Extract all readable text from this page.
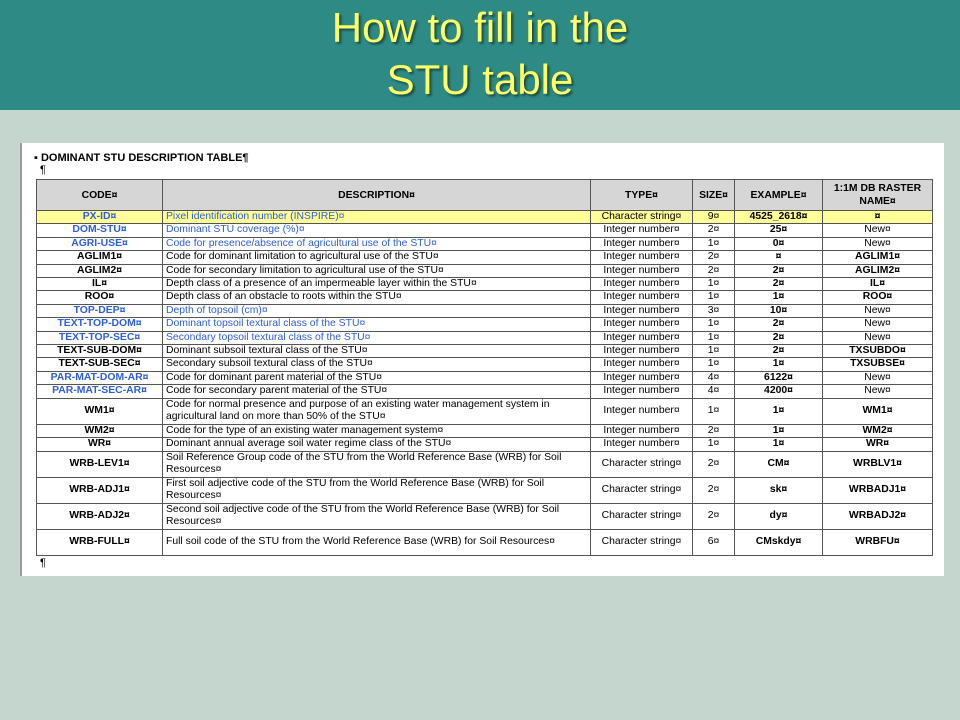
How to fill in the
STU table
▪ DOMINANT STU DESCRIPTION TABLE¶
¶
CODE¤	DESCRIPTION¤	TYPE¤	SIZE¤	EXAMPLE¤	1:1M DB RASTER NAME¤
PX-ID¤	Pixel identification number (INSPIRE)¤	Character string¤	9¤	4525_2618¤	¤
DOM-STU¤	Dominant STU coverage (%)¤	Integer number¤	2¤	25¤	New¤
AGRI-USE¤	Code for presence/absence of agricultural use of the STU¤	Integer number¤	1¤	0¤	New¤
AGLIM1¤	Code for dominant limitation to agricultural use of the STU¤	Integer number¤	2¤	¤	AGLIM1¤
AGLIM2¤	Code for secondary limitation to agricultural use of the STU¤	Integer number¤	2¤	2¤	AGLIM2¤
IL¤	Depth class of a presence of an impermeable layer within the STU¤	Integer number¤	1¤	2¤	IL¤
ROO¤	Depth class of an obstacle to roots within the STU¤	Integer number¤	1¤	1¤	ROO¤
TOP-DEP¤	Depth of topsoil (cm)¤	Integer number¤	3¤	10¤	New¤
TEXT-TOP-DOM¤	Dominant topsoil textural class of the STU¤	Integer number¤	1¤	2¤	New¤
TEXT-TOP-SEC¤	Secondary topsoil textural class of the STU¤	Integer number¤	1¤	2¤	New¤
TEXT-SUB-DOM¤	Dominant subsoil textural class of the STU¤	Integer number¤	1¤	2¤	TXSUBDO¤
TEXT-SUB-SEC¤	Secondary subsoil textural class of the STU¤	Integer number¤	1¤	1¤	TXSUBSE¤
PAR-MAT-DOM-AR¤	Code for dominant parent material of the STU¤	Integer number¤	4¤	6122¤	New¤
PAR-MAT-SEC-AR¤	Code for secondary parent material of the STU¤	Integer number¤	4¤	4200¤	New¤
WM1¤	Code for normal presence and purpose of an existing water management system in agricultural land on more than 50% of the STU¤	Integer number¤	1¤	1¤	WM1¤
WM2¤	Code for the type of an existing water management system¤	Integer number¤	2¤	1¤	WM2¤
WR¤	Dominant annual average soil water regime class of the STU¤	Integer number¤	1¤	1¤	WR¤
WRB-LEV1¤	Soil Reference Group code of the STU from the World Reference Base (WRB) for Soil Resources¤	Character string¤	2¤	CM¤	WRBLV1¤
WRB-ADJ1¤	First soil adjective code of the STU from the World Reference Base (WRB) for Soil Resources¤	Character string¤	2¤	sk¤	WRBADJ1¤
WRB-ADJ2¤	Second soil adjective code of the STU from the World Reference Base (WRB) for Soil Resources¤	Character string¤	2¤	dy¤	WRBADJ2¤
WRB-FULL¤	Full soil code of the STU from the World Reference Base (WRB) for Soil Resources¤	Character string¤	6¤	CMskdy¤	WRBFU¤
¶
